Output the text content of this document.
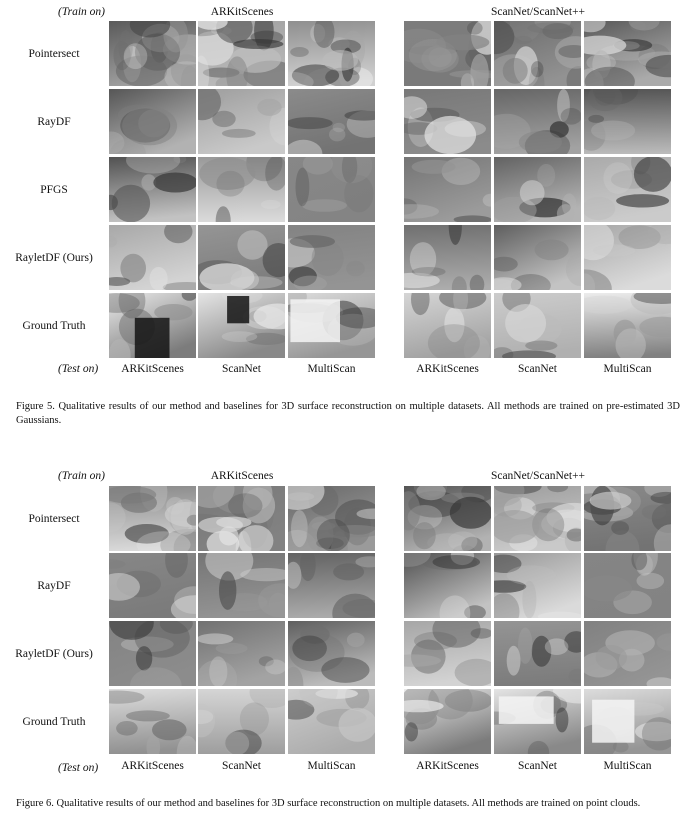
(Train on)	ARKitScenes	ScanNet/ScanNet++
Pointersect
RayDF
PFGS
RayletDF (Ours)
Ground Truth
(Test on)	ARKitScenes	ScanNet	MultiScan	ARKitScenes	ScanNet	MultiScan
Figure 5. Qualitative results of our method and baselines for 3D surface reconstruction on multiple datasets. All methods are trained on pre-estimated 3D Gaussians.
(Train on)	ARKitScenes	ScanNet/ScanNet++
Pointersect
RayDF
RayletDF (Ours)
Ground Truth
(Test on)	ARKitScenes	ScanNet	MultiScan	ARKitScenes	ScanNet	MultiScan
Figure 6. Qualitative results of our method and baselines for 3D surface reconstruction on multiple datasets. All methods are trained on point clouds.
